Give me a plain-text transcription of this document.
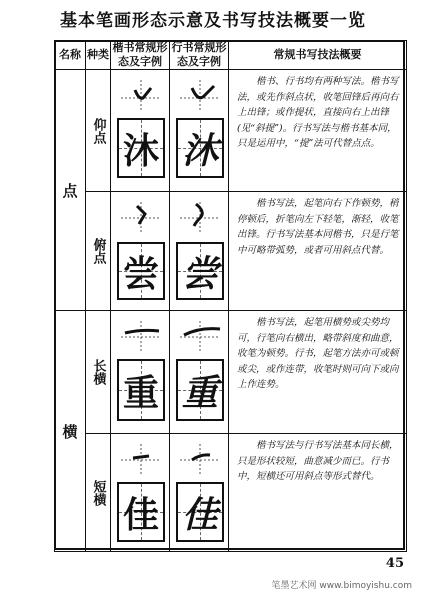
基本笔画形态示意及书写技法概要一览
名称 种类
楷书常规形态及字例
行书常规形态及字例
常规书写技法概要
点
仰点 沐 沐
楷书、行书均有两种写法。楷书写法，或先作斜点状，收笔回锋后再向右上出锋；或作提状，直接向右上出锋(见“斜提”)。行书写法与楷书基本同，只是运用中，“提”法可代替点点。
俯点
尝 尝
楷书写法，起笔向右下作顿势，稍停顿后，折笔向左下轻笔，渐轻，收笔出锋。行书写法基本同楷书，只是行笔中可略带弧势，或者可用斜点代替。
横
长横 重 重
楷书写法，起笔用横势或尖势均可，行笔向右横出，略带斜度和曲意，收笔为顿势。行书，起笔方法亦可或顿或尖，或作连带，收笔时则可向下或向上作连势。
短横
佳 佳
楷书写法与行书写法基本同长横，只是形状较短，曲意减少而已。行书中，短横还可用斜点等形式替代。
45
笔墨艺术网 www.bimoyishu.com
